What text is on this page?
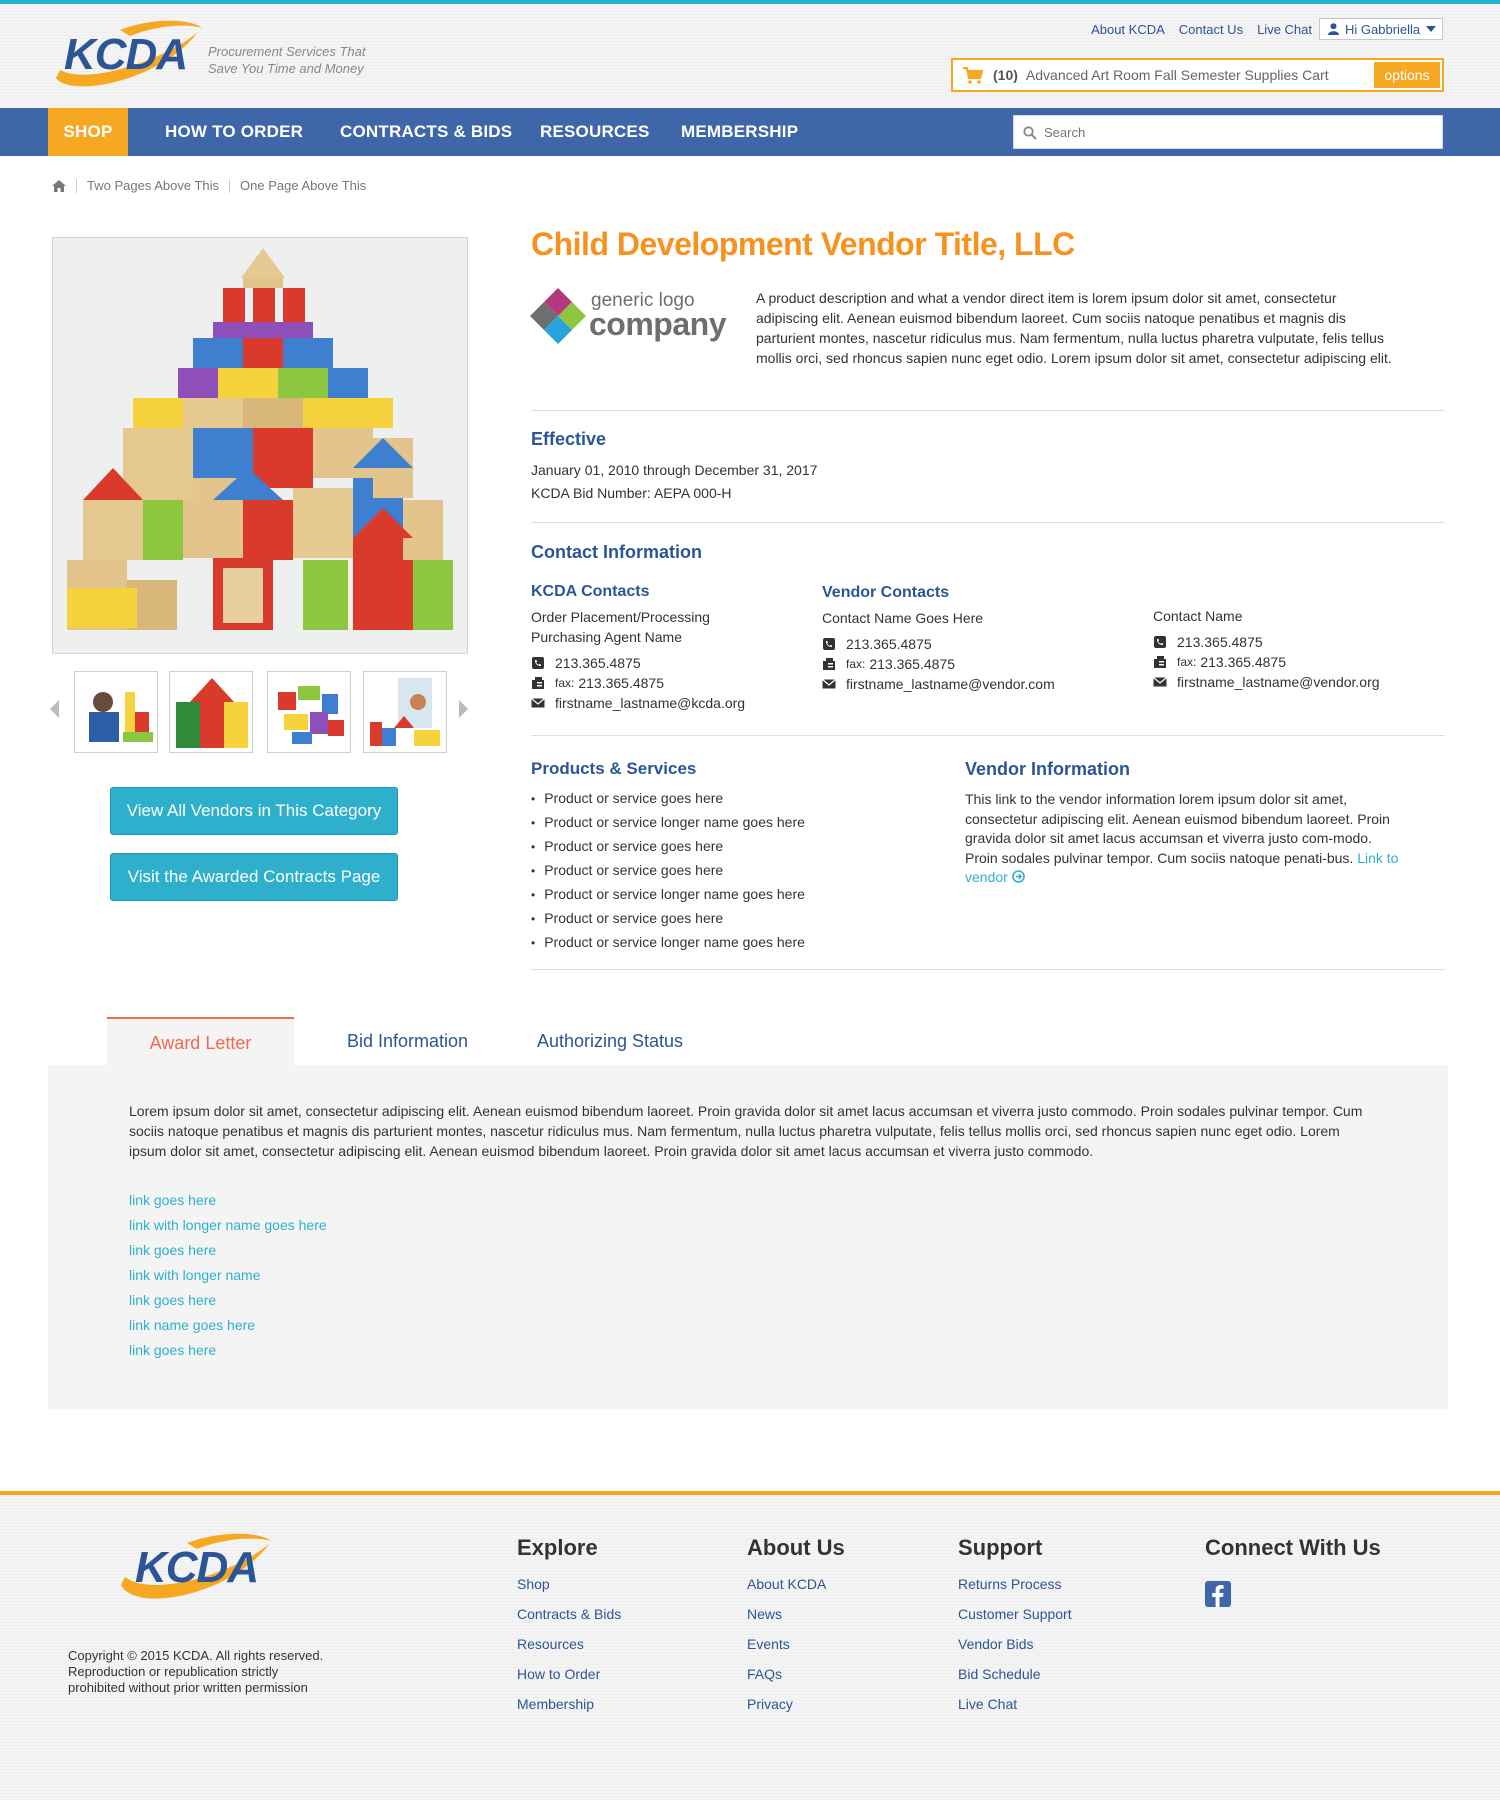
KCDA Procurement Services That
Save You Time and Money
About KCDA Contact Us Live Chat	Hi Gabbriella
(10) Advanced Art Room Fall Semester Supplies Cart	options
SHOP	HOW TO ORDER CONTRACTS & BIDS RESOURCES MEMBERSHIP
Search
Two Pages Above This One Page Above This
View All Vendors in This Category
Visit the Awarded Contracts Page
Child Development Vendor Title, LLC
generic logo
company
A product description and what a vendor direct item is lorem ipsum dolor sit amet, consectetur adipiscing elit. Aenean euismod bibendum laoreet. Cum sociis natoque penatibus et magnis dis parturient montes, nascetur ridiculus mus. Nam fermentum, nulla luctus pharetra vulputate, felis tellus mollis orci, sed rhoncus sapien nunc eget odio. Lorem ipsum dolor sit amet, consectetur adipiscing elit.
Effective
January 01, 2010 through December 31, 2017
KCDA Bid Number: AEPA 000-H
Contact Information
KCDA Contacts
Order Placement/Processing
Purchasing Agent Name
213.365.4875
fax: 213.365.4875
firstname_lastname@kcda.org
Vendor Contacts
Contact Name Goes Here
213.365.4875
fax: 213.365.4875
firstname_lastname@vendor.com
Contact Name
213.365.4875
fax: 213.365.4875
firstname_lastname@vendor.org
Products & Services
• Product or service goes here
• Product or service longer name goes here
• Product or service goes here
• Product or service goes here
• Product or service longer name goes here
• Product or service goes here
• Product or service longer name goes here
Vendor Information
This link to the vendor information lorem ipsum dolor sit amet, consectetur adipiscing elit. Aenean euismod bibendum laoreet. Proin gravida dolor sit amet lacus accumsan et viverra justo com-modo. Proin sodales pulvinar tempor. Cum sociis natoque penati-bus. Link to vendor
Award Letter	Bid Information	Authorizing Status

Lorem ipsum dolor sit amet, consectetur adipiscing elit. Aenean euismod bibendum laoreet. Proin gravida dolor sit amet lacus accumsan et viverra justo commodo. Proin sodales pulvinar tempor. Cum sociis natoque penatibus et magnis dis parturient montes, nascetur ridiculus mus. Nam fermentum, nulla luctus pharetra vulputate, felis tellus mollis orci, sed rhoncus sapien nunc eget odio. Lorem ipsum dolor sit amet, consectetur adipiscing elit. Aenean euismod bibendum laoreet. Proin gravida dolor sit amet lacus accumsan et viverra justo commodo.

link goes here
link with longer name goes here
link goes here
link with longer name
link goes here
link name goes here
link goes here
KCDA
Copyright © 2015 KCDA. All rights reserved.
Reproduction or republication strictly
prohibited without prior written permission
Explore
Shop
Contracts & Bids
Resources
How to Order
Membership
About Us
About KCDA
News
Events
FAQs
Privacy
Support
Returns Process
Customer Support
Vendor Bids
Bid Schedule
Live Chat
Connect With Us
